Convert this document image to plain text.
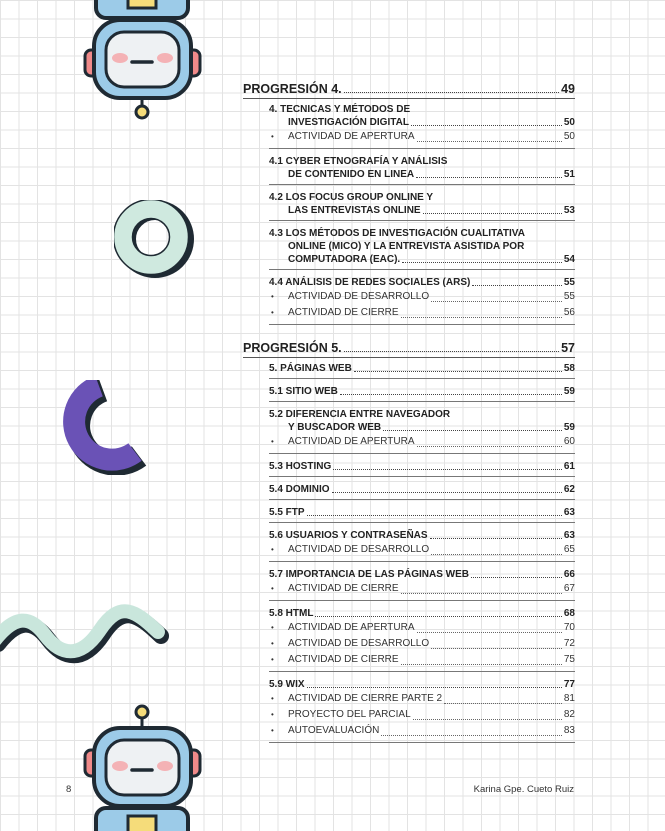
PROGRESIÓN 4.	49
4. TECNICAS Y MÉTODOS DE
INVESTIGACIÓN DIGITAL	50
•	ACTIVIDAD DE APERTURA	50
4.1 CYBER ETNOGRAFÍA Y ANÁLISIS
DE CONTENIDO EN LINEA	51
4.2 LOS FOCUS GROUP ONLINE Y
LAS ENTREVISTAS ONLINE	53
4.3 LOS MÉTODOS DE INVESTIGACIÓN CUALITATIVA
ONLINE (MICO) Y LA ENTREVISTA ASISTIDA POR
COMPUTADORA (EAC).	54
4.4 ANÁLISIS DE REDES SOCIALES (ARS)	55
•	ACTIVIDAD DE DESARROLLO	55
•	ACTIVIDAD DE CIERRE	56
PROGRESIÓN 5.	57
5. PÁGINAS WEB	58
5.1 SITIO WEB	59
5.2 DIFERENCIA ENTRE NAVEGADOR
Y BUSCADOR WEB	59
•	ACTIVIDAD DE APERTURA	60
5.3 HOSTING	61
5.4 DOMINIO	62
5.5 FTP	63
5.6 USUARIOS Y CONTRASEÑAS	63
•	ACTIVIDAD DE DESARROLLO	65
5.7 IMPORTANCIA DE LAS PÁGINAS WEB	66
•	ACTIVIDAD DE CIERRE	67
5.8 HTML	68
•	ACTIVIDAD DE APERTURA	70
•	ACTIVIDAD DE DESARROLLO	72
•	ACTIVIDAD DE CIERRE	75
5.9 WIX	77
•	ACTIVIDAD DE CIERRE PARTE 2	81
•	PROYECTO DEL PARCIAL	82
•	AUTOEVALUACIÓN	83
8	Karina Gpe. Cueto Ruiz
